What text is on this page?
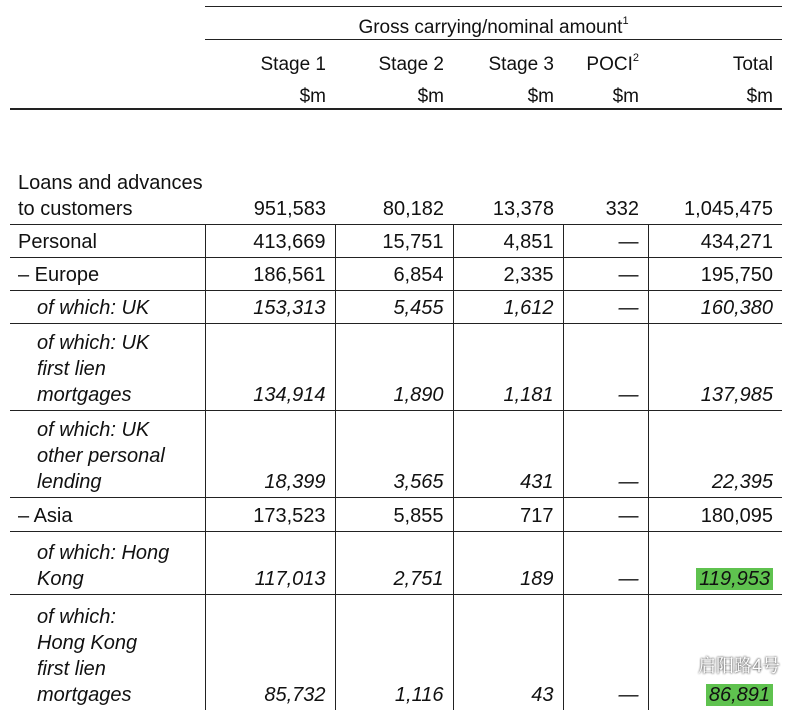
	Gross carrying/nominal amount$^1$
	Stage 1	Stage 2	Stage 3	POCI$^2$	Total
	$m	$m	$m	$m	$m
Loans and advances to customers	951,583	80,182	13,378	332	1,045,475
Personal	413,669	15,751	4,851	—	434,271
– Europe	186,561	6,854	2,335	—	195,750
of which: UK	153,313	5,455	1,612	—	160,380
of which: UK first lien mortgages	134,914	1,890	1,181	—	137,985
of which: UK other personal lending	18,399	3,565	431	—	22,395
– Asia	173,523	5,855	717	—	180,095
of which: Hong Kong	117,013	2,751	189	—	119,953
of which: Hong Kong first lien mortgages	85,732	1,116	43	—	86,891
启阳路4号
